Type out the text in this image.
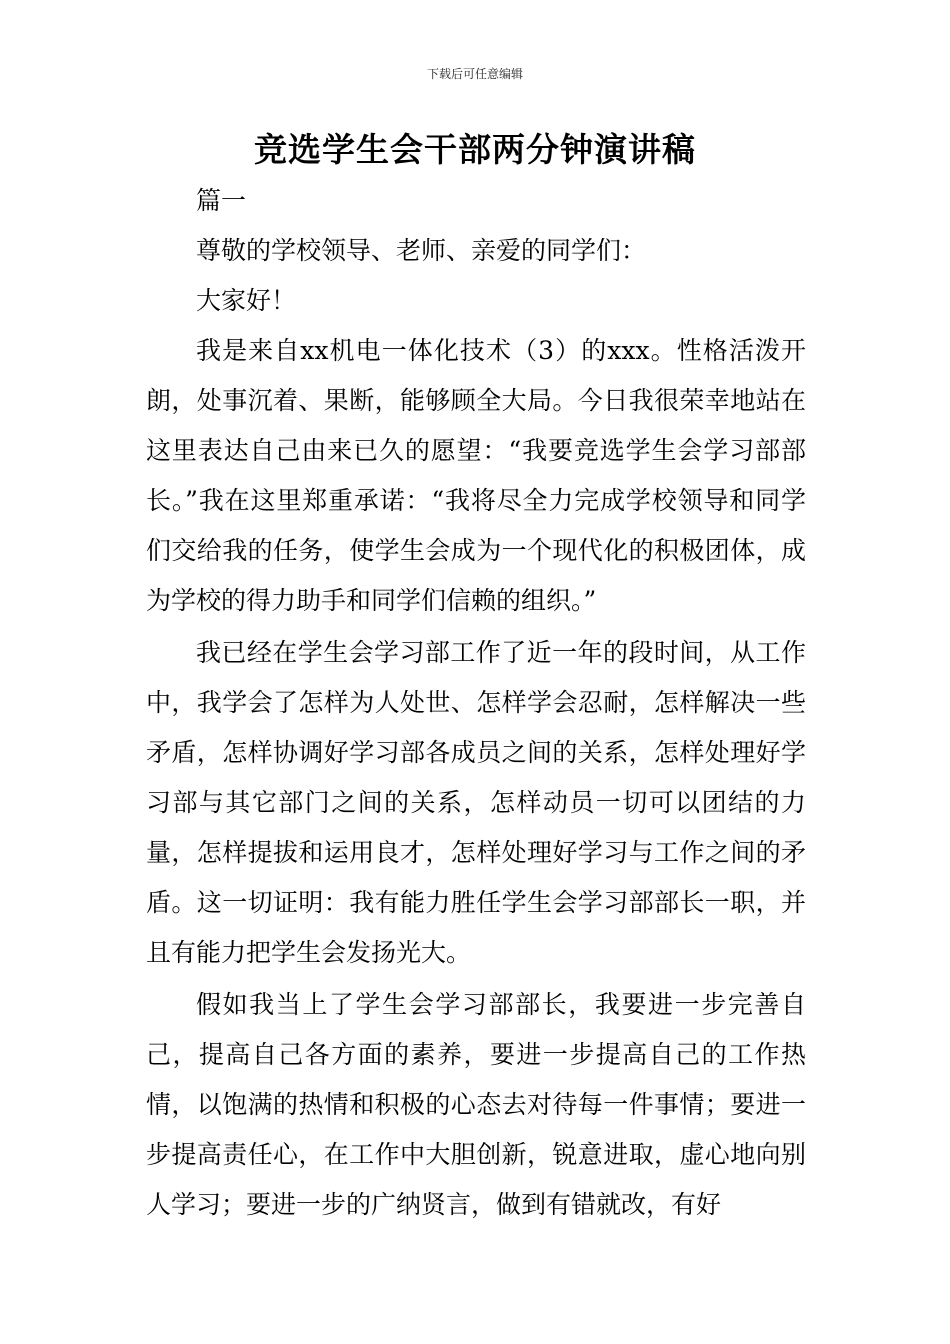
下载后可任意编辑
竞选学生会干部两分钟演讲稿

篇一

尊敬的学校领导、老师、亲爱的同学们：

大家好！

我是来自xx机电一体化技术（3）的xxx。性格活泼开朗，处事沉着、果断，能够顾全大局。今日我很荣幸地站在这里表达自己由来已久的愿望：“我要竞选学生会学习部部长。”我在这里郑重承诺：“我将尽全力完成学校领导和同学们交给我的任务，使学生会成为一个现代化的积极团体，成为学校的得力助手和同学们信赖的组织。”

我已经在学生会学习部工作了近一年的段时间，从工作中，我学会了怎样为人处世、怎样学会忍耐，怎样解决一些矛盾，怎样协调好学习部各成员之间的关系，怎样处理好学习部与其它部门之间的关系，怎样动员一切可以团结的力量，怎样提拔和运用良才，怎样处理好学习与工作之间的矛盾。这一切证明：我有能力胜任学生会学习部部长一职，并且有能力把学生会发扬光大。

假如我当上了学生会学习部部长，我要进一步完善自己，提高自己各方面的素养，要进一步提高自己的工作热情，以饱满的热情和积极的心态去对待每一件事情；要进一步提高责任心，在工作中大胆创新，锐意进取，虚心地向别人学习；要进一步的广纳贤言，做到有错就改，有好
